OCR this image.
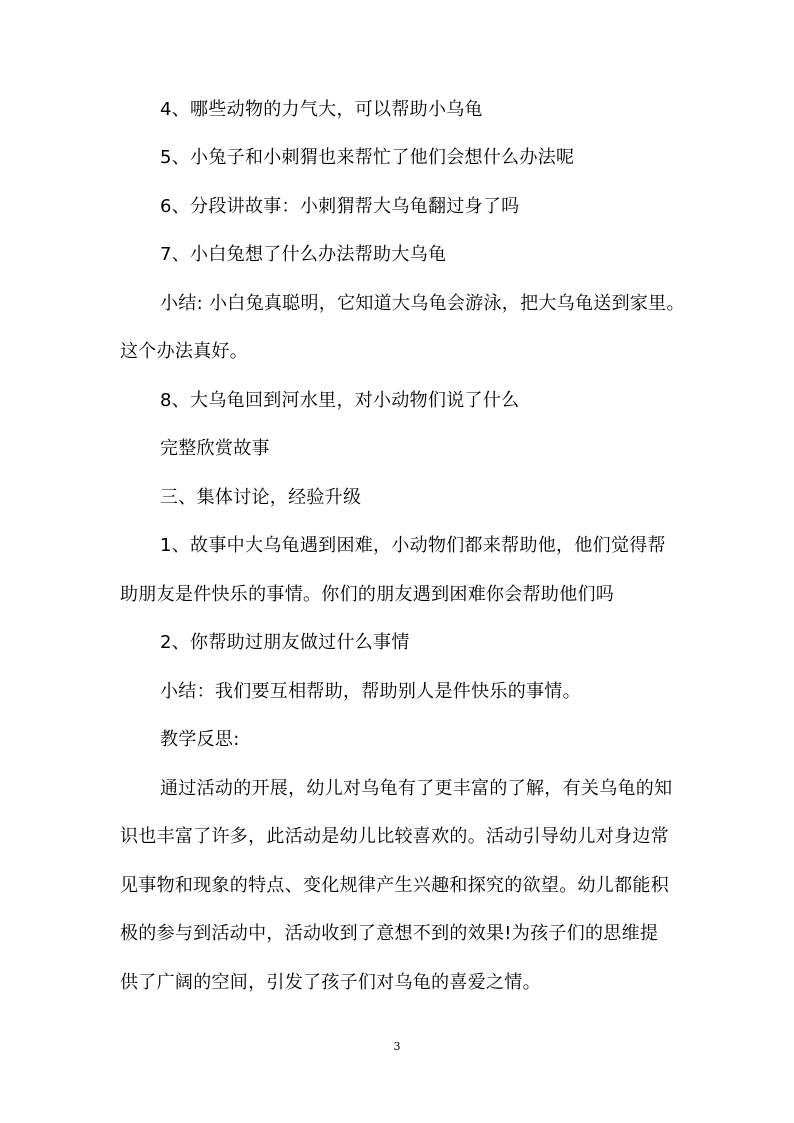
4、哪些动物的力气大，可以帮助小乌龟
5、小兔子和小刺猬也来帮忙了他们会想什么办法呢
6、分段讲故事：小刺猬帮大乌龟翻过身了吗
7、小白兔想了什么办法帮助大乌龟
小结: 小白兔真聪明，它知道大乌龟会游泳，把大乌龟送到家里。
这个办法真好。
8、大乌龟回到河水里，对小动物们说了什么
完整欣赏故事
三、集体讨论，经验升级
1、故事中大乌龟遇到困难，小动物们都来帮助他，他们觉得帮
助朋友是件快乐的事情。你们的朋友遇到困难你会帮助他们吗
2、你帮助过朋友做过什么事情
小结：我们要互相帮助，帮助别人是件快乐的事情。
教学反思:
通过活动的开展，幼儿对乌龟有了更丰富的了解，有关乌龟的知
识也丰富了许多，此活动是幼儿比较喜欢的。活动引导幼儿对身边常
见事物和现象的特点、变化规律产生兴趣和探究的欲望。幼儿都能积
极的参与到活动中，活动收到了意想不到的效果!为孩子们的思维提
供了广阔的空间，引发了孩子们对乌龟的喜爱之情。
3
